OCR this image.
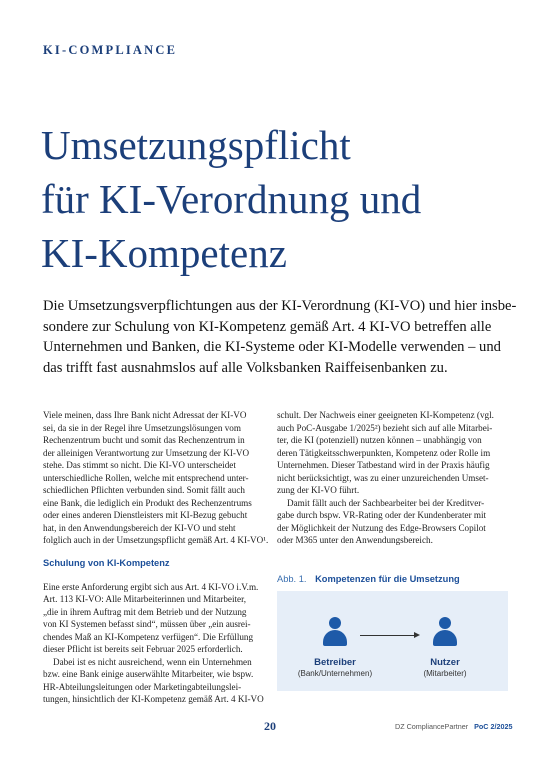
KI-COMPLIANCE
Umsetzungspflicht
für KI-Verordnung und
KI-Kompetenz
Die Umsetzungsverpflichtungen aus der KI-Verordnung (KI-VO) und hier insbe-
sondere zur Schulung von KI-Kompetenz gemäß Art. 4 KI-VO betreffen alle
Unternehmen und Banken, die KI-Systeme oder KI-Modelle verwenden – und
das trifft fast ausnahmslos auf alle Volksbanken Raiffeisenbanken zu.
Viele meinen, dass Ihre Bank nicht Adressat der KI-VO
sei, da sie in der Regel ihre Umsetzungslösungen vom
Rechenzentrum bucht und somit das Rechenzentrum in
der alleinigen Verantwortung zur Umsetzung der KI-VO
stehe. Das stimmt so nicht. Die KI-VO unterscheidet
unterschiedliche Rollen, welche mit entsprechend unter-
schiedlichen Pflichten verbunden sind. Somit fällt auch
eine Bank, die lediglich ein Produkt des Rechenzentrums
oder eines anderen Dienstleisters mit KI-Bezug gebucht
hat, in den Anwendungsbereich der KI-VO und steht
folglich auch in der Umsetzungspflicht gemäß Art. 4 KI-VO¹.
Schulung von KI-Kompetenz
Eine erste Anforderung ergibt sich aus Art. 4 KI-VO i.V.m.
Art. 113 KI-VO: Alle Mitarbeiterinnen und Mitarbeiter,
„die in ihrem Auftrag mit dem Betrieb und der Nutzung
von KI Systemen befasst sind“, müssen über „ein ausrei-
chendes Maß an KI-Kompetenz verfügen“. Die Erfüllung
dieser Pflicht ist bereits seit Februar 2025 erforderlich.
Dabei ist es nicht ausreichend, wenn ein Unternehmen
bzw. eine Bank einige auserwählte Mitarbeiter, wie bspw.
HR-Abteilungsleitungen oder Marketingabteilungslei-
tungen, hinsichtlich der KI-Kompetenz gemäß Art. 4 KI-VO
schult. Der Nachweis einer geeigneten KI-Kompetenz (vgl.
auch PoC-Ausgabe 1/2025²) bezieht sich auf alle Mitarbei-
ter, die KI (potenziell) nutzen können – unabhängig von
deren Tätigkeitsschwerpunkten, Kompetenz oder Rolle im
Unternehmen. Dieser Tatbestand wird in der Praxis häufig
nicht berücksichtigt, was zu einer unzureichenden Umset-
zung der KI-VO führt.
Damit fällt auch der Sachbearbeiter bei der Kreditver-
gabe durch bspw. VR-Rating oder der Kundenberater mit
der Möglichkeit der Nutzung des Edge-Browsers Copilot
oder M365 unter den Anwendungsbereich.
Abb. 1. Kompetenzen für die Umsetzung
Betreiber
(Bank/Unternehmen)
Nutzer
(Mitarbeiter)
20	DZ CompliancePartner PoC 2/2025
